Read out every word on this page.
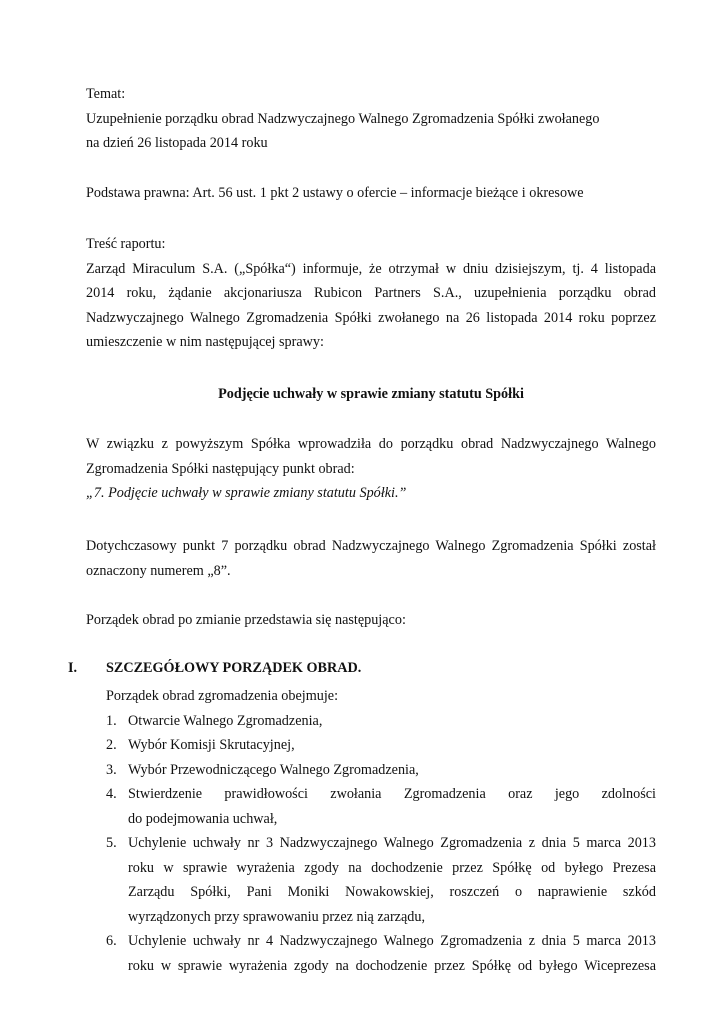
Temat:
Uzupełnienie porządku obrad Nadzwyczajnego Walnego Zgromadzenia Spółki zwołanego
na dzień 26 listopada 2014 roku
Podstawa prawna: Art. 56 ust. 1 pkt 2 ustawy o ofercie – informacje bieżące i okresowe
Treść raportu:
Zarząd Miraculum S.A. („Spółka“) informuje, że otrzymał w dniu dzisiejszym, tj. 4 listopada
2014 roku, żądanie akcjonariusza Rubicon Partners S.A., uzupełnienia porządku obrad
Nadzwyczajnego Walnego Zgromadzenia Spółki zwołanego na 26 listopada 2014 roku poprzez
umieszczenie w nim następującej sprawy:
Podjęcie uchwały w sprawie zmiany statutu Spółki
W związku z powyższym Spółka wprowadziła do porządku obrad Nadzwyczajnego Walnego
Zgromadzenia Spółki następujący punkt obrad:
„7. Podjęcie uchwały w sprawie zmiany statutu Spółki.”
Dotychczasowy punkt 7 porządku obrad Nadzwyczajnego Walnego Zgromadzenia Spółki został
oznaczony numerem „8”.
Porządek obrad po zmianie przedstawia się następująco:
I. SZCZEGÓŁOWY PORZĄDEK OBRAD.
Porządek obrad zgromadzenia obejmuje:
1. Otwarcie Walnego Zgromadzenia,
2. Wybór Komisji Skrutacyjnej,
3. Wybór Przewodniczącego Walnego Zgromadzenia,
4. Stwierdzenie prawidłowości zwołania Zgromadzenia oraz jego zdolności
do podejmowania uchwał,
5. Uchylenie uchwały nr 3 Nadzwyczajnego Walnego Zgromadzenia z dnia 5 marca 2013
roku w sprawie wyrażenia zgody na dochodzenie przez Spółkę od byłego Prezesa
Zarządu Spółki, Pani Moniki Nowakowskiej, roszczeń o naprawienie szkód
wyrządzonych przy sprawowaniu przez nią zarządu,
6. Uchylenie uchwały nr 4 Nadzwyczajnego Walnego Zgromadzenia z dnia 5 marca 2013
roku w sprawie wyrażenia zgody na dochodzenie przez Spółkę od byłego Wiceprezesa
